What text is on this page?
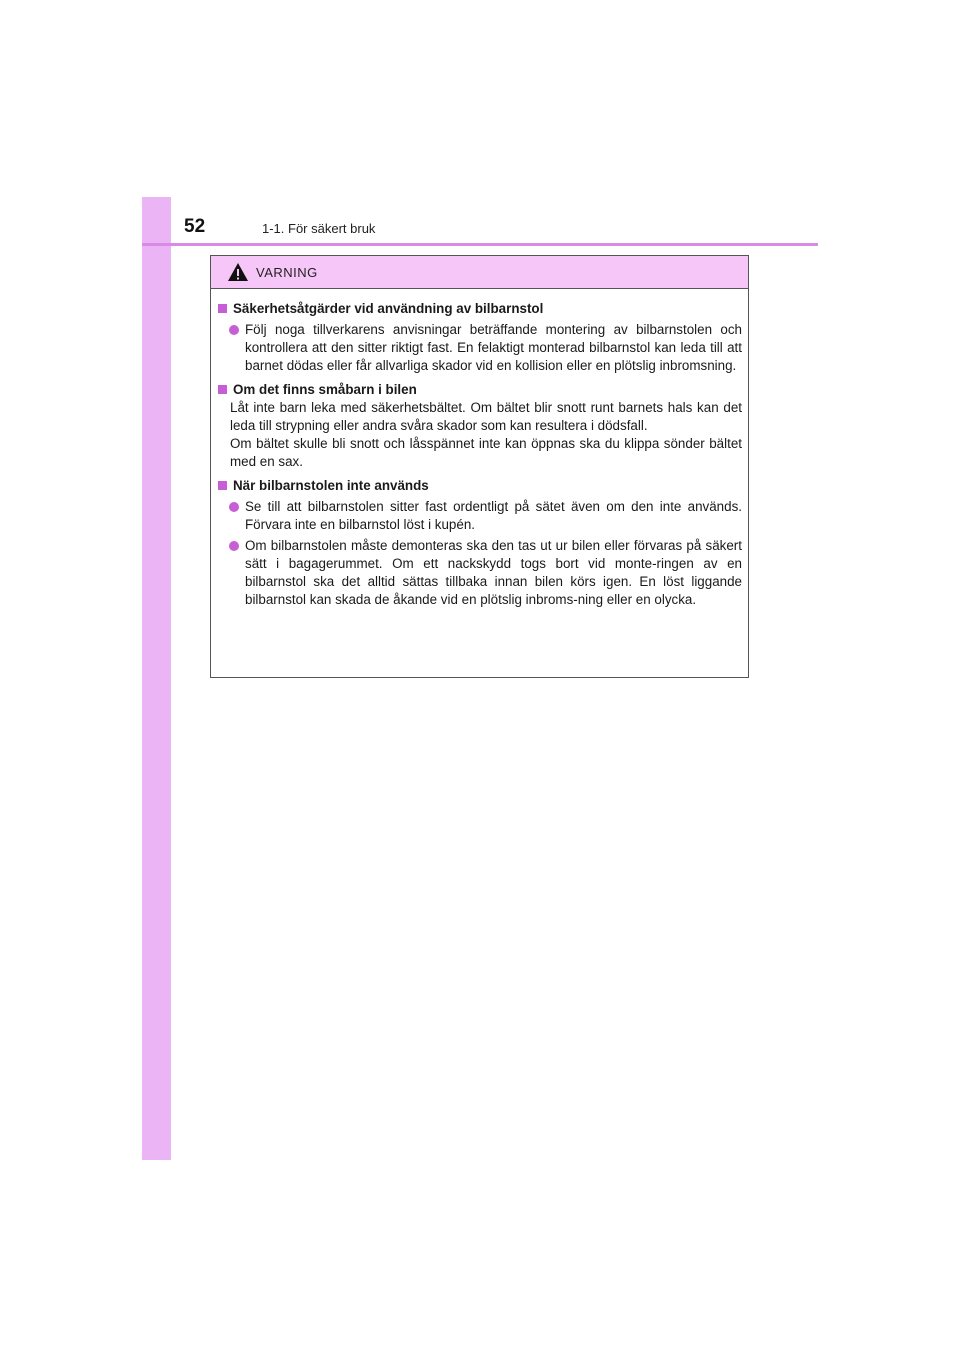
52	1-1. För säkert bruk
VARNING
Säkerhetsåtgärder vid användning av bilbarnstol
Följ noga tillverkarens anvisningar beträffande montering av bilbarnstolen och kontrollera att den sitter riktigt fast. En felaktigt monterad bilbarnstol kan leda till att barnet dödas eller får allvarliga skador vid en kollision eller en plötslig inbromsning.
Om det finns småbarn i bilen
Låt inte barn leka med säkerhetsbältet. Om bältet blir snott runt barnets hals kan det leda till strypning eller andra svåra skador som kan resultera i dödsfall.
Om bältet skulle bli snott och låsspännet inte kan öppnas ska du klippa sönder bältet med en sax.
När bilbarnstolen inte används
Se till att bilbarnstolen sitter fast ordentligt på sätet även om den inte används. Förvara inte en bilbarnstol löst i kupén.
Om bilbarnstolen måste demonteras ska den tas ut ur bilen eller förvaras på säkert sätt i bagagerummet. Om ett nackskydd togs bort vid monte-ringen av en bilbarnstol ska det alltid sättas tillbaka innan bilen körs igen. En löst liggande bilbarnstol kan skada de åkande vid en plötslig inbroms-ning eller en olycka.
